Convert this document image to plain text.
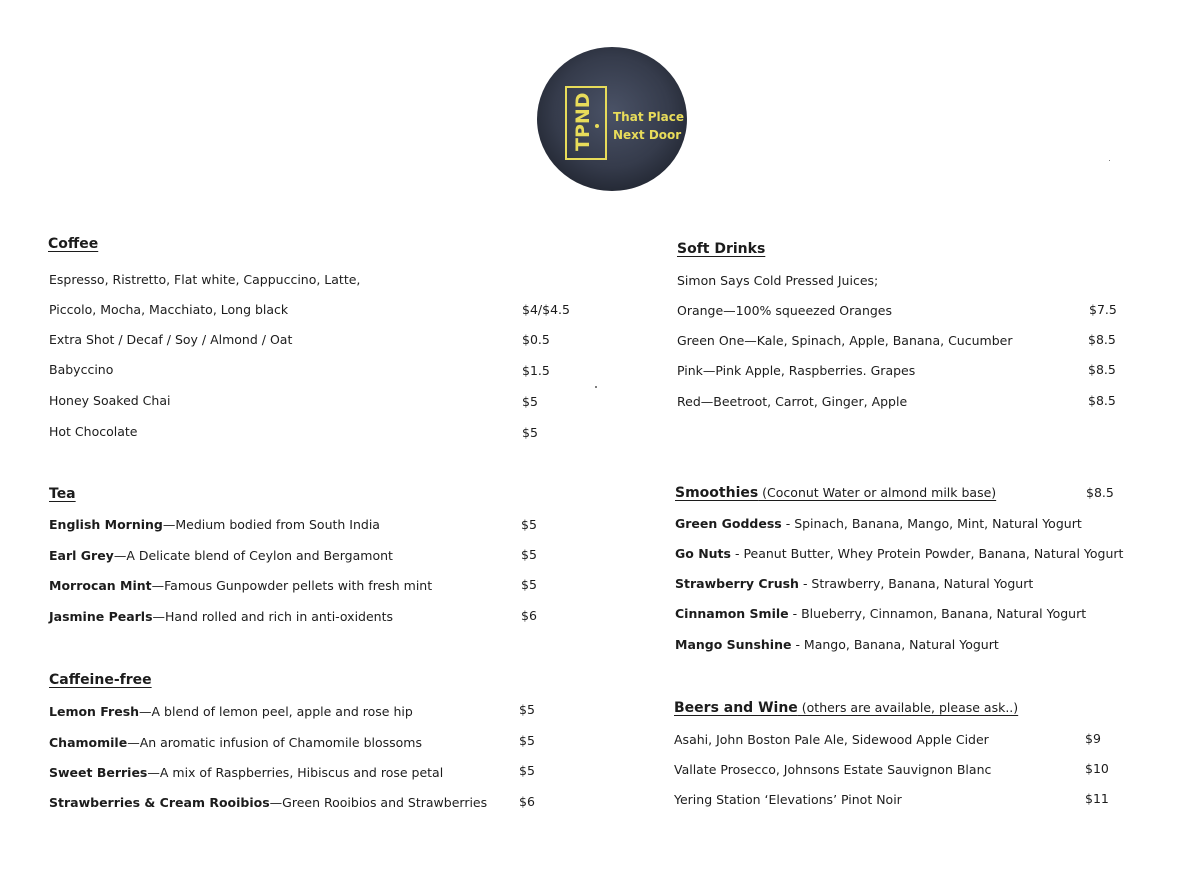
TPND That Place
Next Door
Coffee
Espresso, Ristretto, Flat white, Cappuccino, Latte,
Piccolo, Mocha, Macchiato, Long black	$4/$4.5
Extra Shot / Decaf / Soy / Almond / Oat	$0.5
Babyccino	$1.5
Honey Soaked Chai	$5
Hot Chocolate	$5
Tea
English Morning—Medium bodied from South India	$5
Earl Grey—A Delicate blend of Ceylon and Bergamont	$5
Morrocan Mint—Famous Gunpowder pellets with fresh mint	$5
Jasmine Pearls—Hand rolled and rich in anti-oxidents	$6
Caffeine-free
Lemon Fresh—A blend of lemon peel, apple and rose hip	$5
Chamomile—An aromatic infusion of Chamomile blossoms	$5
Sweet Berries—A mix of Raspberries, Hibiscus and rose petal	$5
Strawberries & Cream Rooibios—Green Rooibios and Strawberries	$6
Soft Drinks
Simon Says Cold Pressed Juices;
Orange—100% squeezed Oranges	$7.5
Green One—Kale, Spinach, Apple, Banana, Cucumber	$8.5
Pink—Pink Apple, Raspberries. Grapes	$8.5
Red—Beetroot, Carrot, Ginger, Apple	$8.5
Smoothies (Coconut Water or almond milk base)	$8.5
Green Goddess - Spinach, Banana, Mango, Mint, Natural Yogurt
Go Nuts - Peanut Butter, Whey Protein Powder, Banana, Natural Yogurt
Strawberry Crush - Strawberry, Banana, Natural Yogurt
Cinnamon Smile - Blueberry, Cinnamon, Banana, Natural Yogurt
Mango Sunshine - Mango, Banana, Natural Yogurt
Beers and Wine (others are available, please ask..)
Asahi, John Boston Pale Ale, Sidewood Apple Cider	$9
Vallate Prosecco, Johnsons Estate Sauvignon Blanc	$10
Yering Station ‘Elevations’ Pinot Noir	$11
